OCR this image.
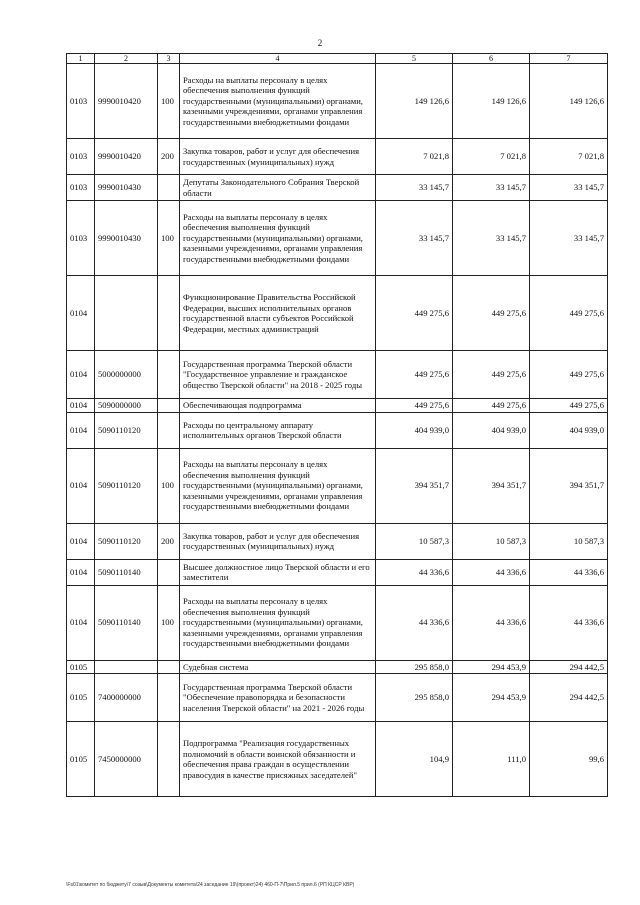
2
1	2	3	4	5	6	7
0103	9990010420	100	Расходы на выплаты персоналу в целях обеспечения выполнения функций государственными (муниципальными) органами, казенными учреждениями, органами управления государственными внебюджетными фондами	149 126,6	149 126,6	149 126,6
0103	9990010420	200	Закупка товаров, работ и услуг для обеспечения государственных (муниципальных) нужд	7 021,8	7 021,8	7 021,8
0103	9990010430		Депутаты Законодательного Собрания Тверской области	33 145,7	33 145,7	33 145,7
0103	9990010430	100	Расходы на выплаты персоналу в целях обеспечения выполнения функций государственными (муниципальными) органами, казенными учреждениями, органами управления государственными внебюджетными фондами	33 145,7	33 145,7	33 145,7
0104			Функционирование Правительства Российской Федерации, высших исполнительных органов государственной власти субъектов Российской Федерации, местных администраций	449 275,6	449 275,6	449 275,6
0104	5000000000		Государственная программа Тверской области "Государственное управление и гражданское общество Тверской области" на 2018 - 2025 годы	449 275,6	449 275,6	449 275,6
0104	5090000000		Обеспечивающая подпрограмма	449 275,6	449 275,6	449 275,6
0104	5090110120		Расходы по центральному аппарату исполнительных органов Тверской области	404 939,0	404 939,0	404 939,0
0104	5090110120	100	Расходы на выплаты персоналу в целях обеспечения выполнения функций государственными (муниципальными) органами, казенными учреждениями, органами управления государственными внебюджетными фондами	394 351,7	394 351,7	394 351,7
0104	5090110120	200	Закупка товаров, работ и услуг для обеспечения государственных (муниципальных) нужд	10 587,3	10 587,3	10 587,3
0104	5090110140		Высшее должностное лицо Тверской области и его заместители	44 336,6	44 336,6	44 336,6
0104	5090110140	100	Расходы на выплаты персоналу в целях обеспечения выполнения функций государственными (муниципальными) органами, казенными учреждениями, органами управления государственными внебюджетными фондами	44 336,6	44 336,6	44 336,6
0105			Судебная система	295 858,0	294 453,9	294 442,5
0105	7400000000		Государственная программа Тверской области "Обеспечение правопорядка и безопасности населения Тверской области" на 2021 - 2026 годы	295 858,0	294 453,9	294 442,5
0105	7450000000		Подпрограмма "Реализация государственных полномочий в области воинской обязанности и обеспечения права граждан в осуществлении правосудия в качестве присяжных заседателей"	104,9	111,0	99,6
\Fs01\комитет по бюджету\7 созыв\Документы комитета\24 заседание 19\(проект)24) 460-П-7\Прил.5 прил.6 (РП КЦСР КВР)
